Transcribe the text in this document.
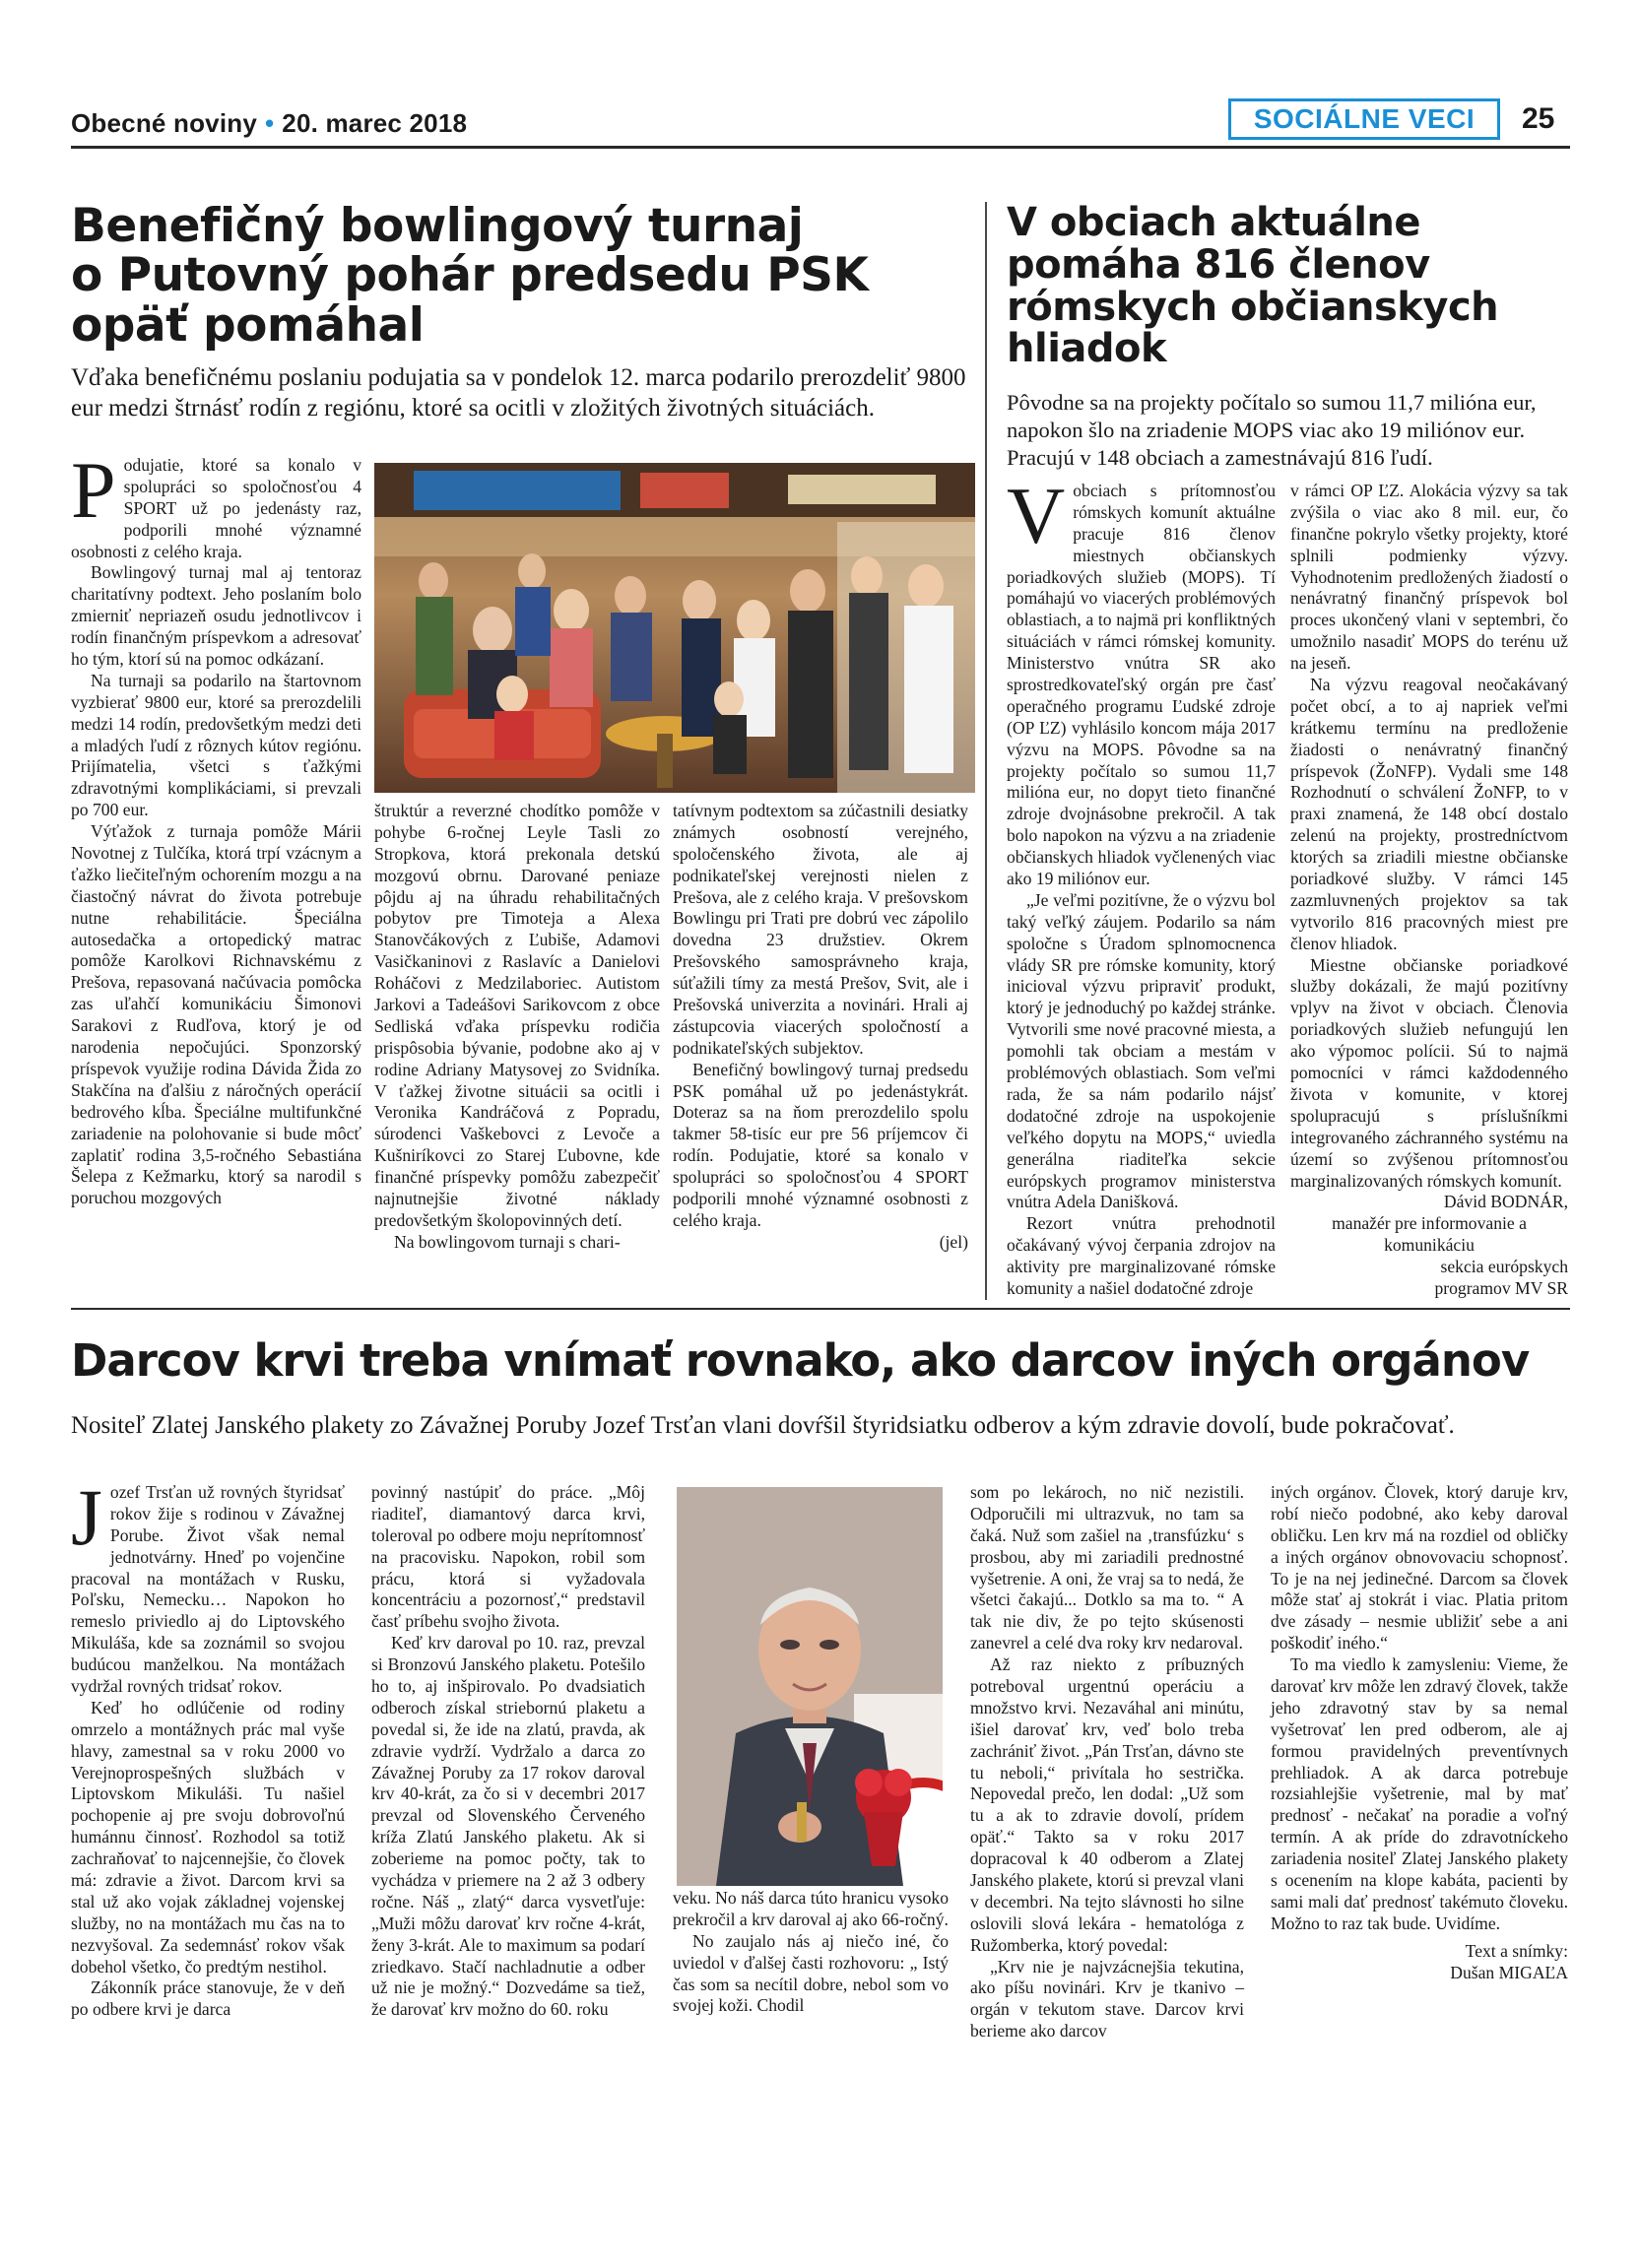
Obecné noviny • 20. marec 2018	SOCIÁLNE VECI	25
Benefičný bowlingový turnaj
o Putovný pohár predsedu PSK
opäť pomáhal
Vďaka benefičnému poslaniu podujatia sa v pondelok 12. marca podarilo prerozdeliť 9800 eur medzi štrnásť rodín z regiónu, ktoré sa ocitli v zložitých životných situáciách.

Podujatie, ktoré sa konalo v spolupráci so spoločnosťou 4 SPORT už po jedenásty raz, podporili mnohé významné osobnosti z celého kraja.

Bowlingový turnaj mal aj tentoraz charitatívny podtext. Jeho poslaním bolo zmierniť nepriazeň osudu jednotlivcov i rodín finančným príspevkom a adresovať ho tým, ktorí sú na pomoc odkázaní.

Na turnaji sa podarilo na štartovnom vyzbierať 9800 eur, ktoré sa prerozdelili medzi 14 rodín, predovšetkým medzi deti a mladých ľudí z rôznych kútov regiónu. Prijímatelia, všetci s ťažkými zdravotnými komplikáciami, si prevzali po 700 eur.

Výťažok z turnaja pomôže Márii Novotnej z Tulčíka, ktorá trpí vzácnym a ťažko liečiteľným ochorením mozgu a na čiastočný návrat do života potrebuje nutne rehabilitácie. Špeciálna autosedačka a ortopedický matrac pomôže Karolkovi Richnavskému z Prešova, repasovaná načúvacia pomôcka zas uľahčí komunikáciu Šimonovi Sarakovi z Rudľova, ktorý je od narodenia nepočujúci. Sponzorský príspevok využije rodina Dávida Žida zo Stakčína na ďalšiu z náročných operácií bedrového kĺba. Špeciálne multifunkčné zariadenie na polohovanie si bude môcť zaplatiť rodina 3,5-ročného Sebastiána Šelepa z Kežmarku, ktorý sa narodil s poruchou mozgových

štruktúr a reverzné chodítko pomôže v pohybe 6-ročnej Leyle Tasli zo Stropkova, ktorá prekonala detskú mozgovú obrnu. Darované peniaze pôjdu aj na úhradu rehabilitačných pobytov pre Timoteja a Alexa Stanovčákových z Ľubiše, Adamovi Vasičkaninovi z Raslavíc a Danielovi Roháčovi z Medzilaboriec. Autistom Jarkovi a Tadeášovi Sarikovcom z obce Sedliská vďaka príspevku rodičia prispôsobia bývanie, podobne ako aj v rodine Adriany Matysovej zo Svidníka. V ťažkej životne situácii sa ocitli i Veronika Kandráčová z Popradu, súrodenci Vaškebovci z Levoče a Kušniríkovci zo Starej Ľubovne, kde finančné príspevky pomôžu zabezpečiť najnutnejšie životné náklady predovšetkým školopovinných detí.

Na bowlingovom turnaji s chari-

tatívnym podtextom sa zúčastnili desiatky známych osobností verejného, spoločenského života, ale aj podnikateľskej verejnosti nielen z Prešova, ale z celého kraja. V prešovskom Bowlingu pri Trati pre dobrú vec zápolilo dovedna 23 družstiev. Okrem Prešovského samosprávneho kraja, súťažili tímy za mestá Prešov, Svit, ale i Prešovská univerzita a novinári. Hrali aj zástupcovia viacerých spoločností a podnikateľských subjektov.

Benefičný bowlingový turnaj predsedu PSK pomáhal už po jedenástykrát. Doteraz sa na ňom prerozdelilo spolu takmer 58-tisíc eur pre 56 príjemcov či rodín. Podujatie, ktoré sa konalo v spolupráci so spoločnosťou 4 SPORT podporili mnohé významné osobnosti z celého kraja.

(jel)

V obciach aktuálne
pomáha 816 členov
rómskych občianskych
hliadok
Pôvodne sa na projekty počítalo so sumou 11,7 milióna eur, napokon šlo na zriadenie MOPS viac ako 19 miliónov eur. Pracujú v 148 obciach a zamestnávajú 816 ľudí.

Vobciach s prítomnosťou rómskych komunít aktuálne pracuje 816 členov miestnych občianskych poriadkových služieb (MOPS). Tí pomáhajú vo viacerých problémových oblastiach, a to najmä pri konfliktných situáciách v rámci rómskej komunity. Ministerstvo vnútra SR ako sprostredkovateľský orgán pre časť operačného programu Ľudské zdroje (OP ĽZ) vyhlásilo koncom mája 2017 výzvu na MOPS. Pôvodne sa na projekty počítalo so sumou 11,7 milióna eur, no dopyt tieto finančné zdroje dvojnásobne prekročil. A tak bolo napokon na výzvu a na zriadenie občianskych hliadok vyčlenených viac ako 19 miliónov eur.

„Je veľmi pozitívne, že o výzvu bol taký veľký záujem. Podarilo sa nám spoločne s Úradom splnomocnenca vlády SR pre rómske komunity, ktorý inicioval výzvu pripraviť produkt, ktorý je jednoduchý po každej stránke. Vytvorili sme nové pracovné miesta, a pomohli tak obciam a mestám v problémových oblastiach. Som veľmi rada, že sa nám podarilo nájsť dodatočné zdroje na uspokojenie veľkého dopytu na MOPS,“ uviedla generálna riaditeľka sekcie európskych programov ministerstva vnútra Adela Danišková.

Rezort vnútra prehodnotil očakávaný vývoj čerpania zdrojov na aktivity pre marginalizované rómske komunity a našiel dodatočné zdroje

v rámci OP ĽZ. Alokácia výzvy sa tak zvýšila o viac ako 8 mil. eur, čo finančne pokrylo všetky projekty, ktoré splnili podmienky výzvy. Vyhodnotenim predložených žiadostí o nenávratný finančný príspevok bol proces ukončený vlani v septembri, čo umožnilo nasadiť MOPS do terénu už na jeseň.

Na výzvu reagoval neočakávaný počet obcí, a to aj napriek veľmi krátkemu termínu na predloženie žiadosti o nenávratný finančný príspevok (ŽoNFP). Vydali sme 148 Rozhodnutí o schválení ŽoNFP, to v praxi znamená, že 148 obcí dostalo zelenú na projekty, prostredníctvom ktorých sa zriadili miestne občianske poriadkové služby. V rámci 145 zazmluvnených projektov sa tak vytvorilo 816 pracovných miest pre členov hliadok.

Miestne občianske poriadkové služby dokázali, že majú pozitívny vplyv na život v obciach. Členovia poriadkových služieb nefungujú len ako výpomoc polícii. Sú to najmä pomocníci v rámci každodenného života v komunite, v ktorej spolupracujú s príslušníkmi integrovaného záchranného systému na území so zvýšenou prítomnosťou marginalizovaných rómskych komunít.

Dávid BODNÁR,

manažér pre informovanie a

komunikáciu

sekcia európskych

programov MV SR

Darcov krvi treba vnímať rovnako, ako darcov iných orgánov
Nositeľ Zlatej Janského plakety zo Závažnej Poruby Jozef Trsťan vlani dovŕšil štyridsiatku odberov a kým zdravie dovolí, bude pokračovať.

Jozef Trsťan už rovných štyridsať rokov žije s rodinou v Závažnej Porube. Život však nemal jednotvárny. Hneď po vojenčine pracoval na montážach v Rusku, Poľsku, Nemecku… Napokon ho remeslo priviedlo aj do Liptovského Mikuláša, kde sa zoznámil so svojou budúcou manželkou. Na montážach vydržal rovných tridsať rokov.

Keď ho odlúčenie od rodiny omrzelo a montážnych prác mal vyše hlavy, zamestnal sa v roku 2000 vo Verejnoprospešných službách v Liptovskom Mikuláši. Tu našiel pochopenie aj pre svoju dobrovoľnú humánnu činnosť. Rozhodol sa totiž zachraňovať to najcennejšie, čo človek má: zdravie a život. Darcom krvi sa stal už ako vojak základnej vojenskej služby, no na montážach mu čas na to nezvyšoval. Za sedemnásť rokov však dobehol všetko, čo predtým nestihol.

Zákonník práce stanovuje, že v deň po odbere krvi je darca

povinný nastúpiť do práce. „Môj riaditeľ, diamantový darca krvi, toleroval po odbere moju neprítomnosť na pracovisku. Napokon, robil som prácu, ktorá si vyžadovala koncentráciu a pozornosť,“ predstavil časť príbehu svojho života.

Keď krv daroval po 10. raz, prevzal si Bronzovú Janského plaketu. Potešilo ho to, aj inšpirovalo. Po dvadsiatich odberoch získal striebornú plaketu a povedal si, že ide na zlatú, pravda, ak zdravie vydrží. Vydržalo a darca zo Závažnej Poruby za 17 rokov daroval krv 40-krát, za čo si v decembri 2017 prevzal od Slovenského Červeného kríža Zlatú Janského plaketu. Ak si zoberieme na pomoc počty, tak to vychádza v priemere na 2 až 3 odbery ročne. Náš „ zlatý“ darca vysvetľuje: „Muži môžu darovať krv ročne 4-krát, ženy 3-krát. Ale to maximum sa podarí zriedkavo. Stačí nachladnutie a odber už nie je možný.“ Dozvedáme sa tiež, že darovať krv možno do 60. roku

veku. No náš darca túto hranicu vysoko prekročil a krv daroval aj ako 66-ročný.

No zaujalo nás aj niečo iné, čo uviedol v ďalšej časti rozhovoru: „ Istý čas som sa necítil dobre, nebol som vo svojej koži. Chodil

som po lekároch, no nič nezistili. Odporučili mi ultrazvuk, no tam sa čaká. Nuž som zašiel na ‚transfúzku‘ s prosbou, aby mi zariadili prednostné vyšetrenie. A oni, že vraj sa to nedá, že všetci čakajú... Dotklo sa ma to. “ A tak nie div, že po tejto skúsenosti zanevrel a celé dva roky krv nedaroval.

Až raz niekto z príbuzných potreboval urgentnú operáciu a množstvo krvi. Nezaváhal ani minútu, išiel darovať krv, veď bolo treba zachrániť život. „Pán Trsťan, dávno ste tu neboli,“ privítala ho sestrička. Nepovedal prečo, len dodal: „Už som tu a ak to zdravie dovolí, prídem opäť.“ Takto sa v roku 2017 dopracoval k 40 odberom a Zlatej Janského plakete, ktorú si prevzal vlani v decembri. Na tejto slávnosti ho silne oslovili slová lekára - hematológa z Ružomberka, ktorý povedal:

„Krv nie je najvzácnejšia tekutina, ako píšu novinári. Krv je tkanivo – orgán v tekutom stave. Darcov krvi berieme ako darcov

iných orgánov. Človek, ktorý daruje krv, robí niečo podobné, ako keby daroval obličku. Len krv má na rozdiel od obličky a iných orgánov obnovovaciu schopnosť. To je na nej jedinečné. Darcom sa človek môže stať aj stokrát i viac. Platia pritom dve zásady – nesmie ubližiť sebe a ani poškodiť iného.“

To ma viedlo k zamysleniu: Vieme, že darovať krv môže len zdravý človek, takže jeho zdravotný stav by sa nemal vyšetrovať len pred odberom, ale aj formou pravidelných preventívnych prehliadok. A ak darca potrebuje rozsiahlejšie vyšetrenie, mal by mať prednosť - nečakať na poradie a voľný termín. A ak príde do zdravotníckeho zariadenia nositeľ Zlatej Janského plakety s ocenením na klope kabáta, pacienti by sami mali dať prednosť takémuto človeku. Možno to raz tak bude. Uvidíme.

Text a snímky:

Dušan MIGAĽA
